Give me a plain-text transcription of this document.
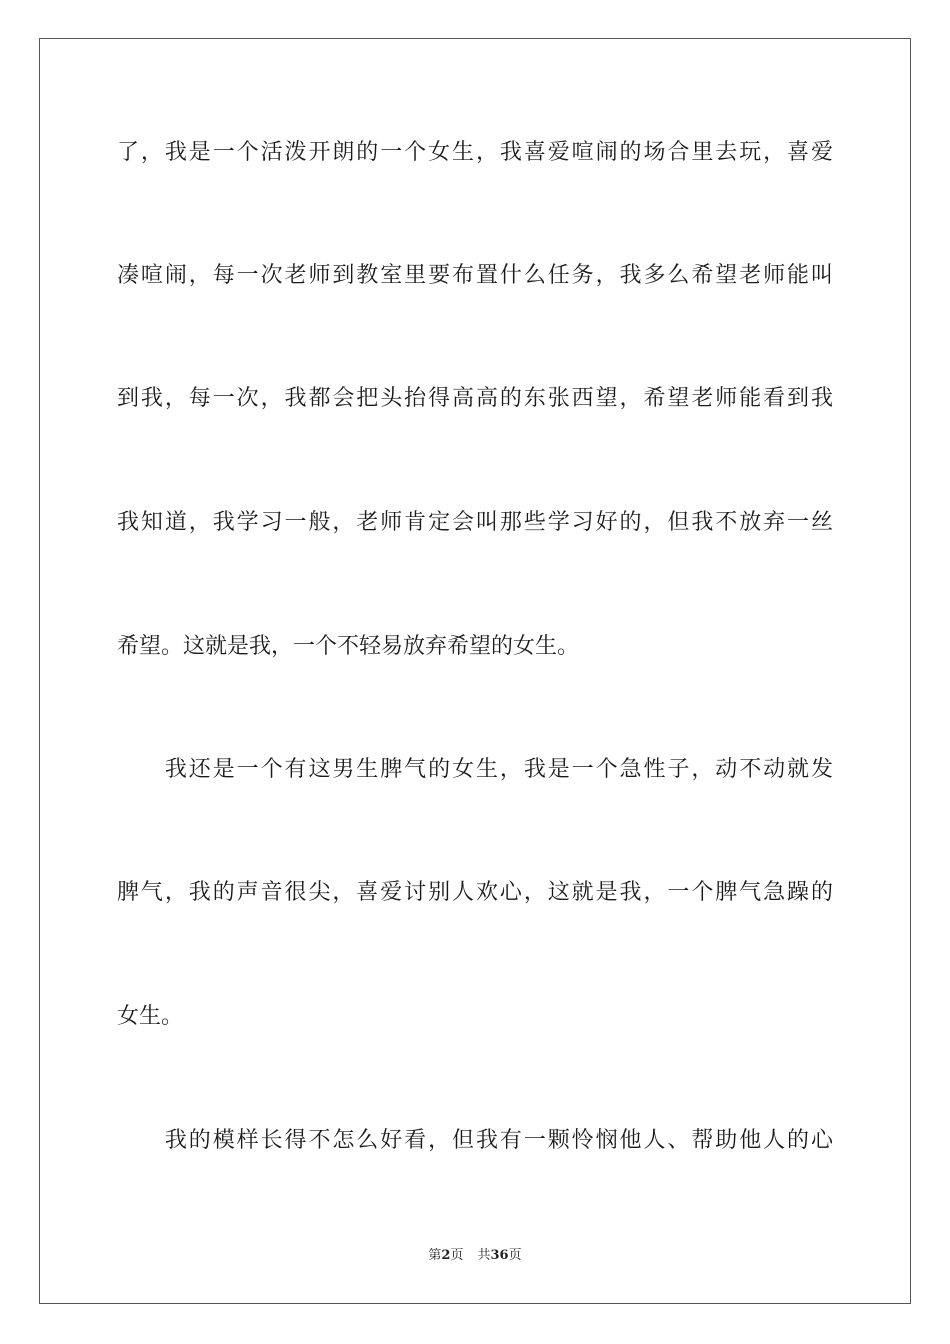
了，我是一个活泼开朗的一个女生，我喜爱喧闹的场合里去玩，喜爱
凑喧闹，每一次老师到教室里要布置什么任务，我多么希望老师能叫
到我，每一次，我都会把头抬得高高的东张西望，希望老师能看到我
我知道，我学习一般，老师肯定会叫那些学习好的，但我不放弃一丝
希望。这就是我，一个不轻易放弃希望的女生。
　　我还是一个有这男生脾气的女生，我是一个急性子，动不动就发
脾气，我的声音很尖，喜爱讨别人欢心，这就是我，一个脾气急躁的
女生。
　　我的模样长得不怎么好看，但我有一颗怜悯他人、帮助他人的心
第2页 共36页
